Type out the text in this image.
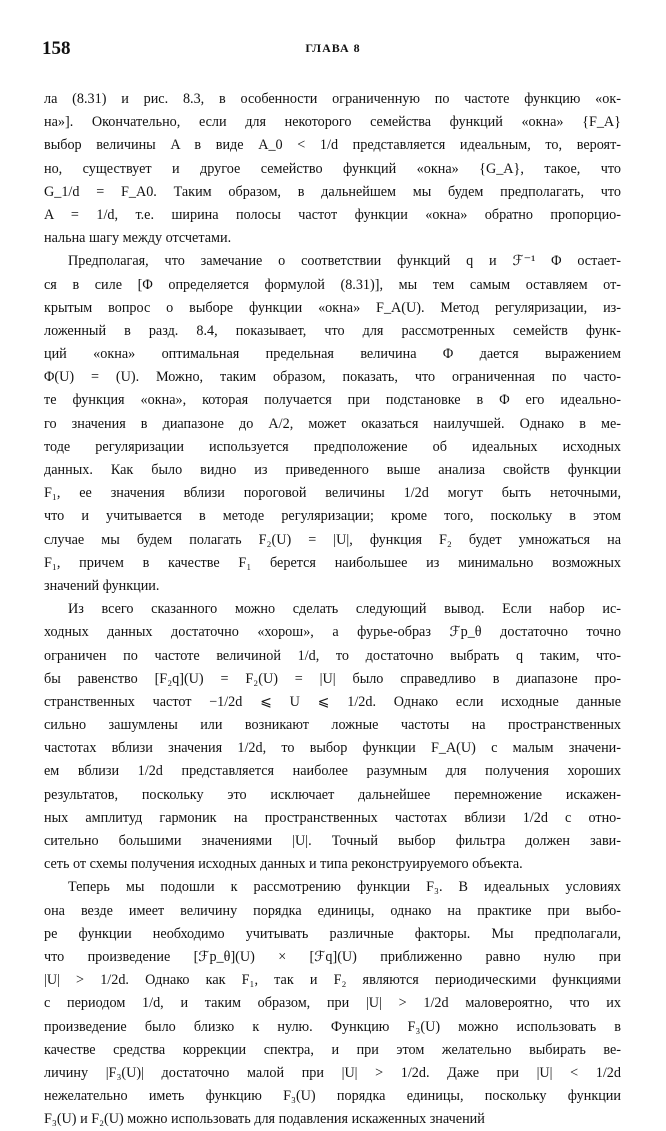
158	ГЛАВА 8
ла (8.31) и рис. 8.3, в особенности ограниченную по частоте функцию «ок-
на»]. Окончательно, если для некоторого семейства функций «окна» {F_A}
выбор величины A в виде A_0 < 1/d представляется идеальным, то, вероят-
но, существует и другое семейство функций «окна» {G_A}, такое, что
G_1/d = F_A0. Таким образом, в дальнейшем мы будем предполагать, что
A = 1/d, т.е. ширина полосы частот функции «окна» обратно пропорцио-
нальна шагу между отсчетами.
Предполагая, что замечание о соответствии функций q и ℱ⁻¹ Φ остает-
ся в силе [Φ определяется формулой (8.31)], мы тем самым оставляем от-
крытым вопрос о выборе функции «окна» F_A(U). Метод регуляризации, из-
ложенный в разд. 8.4, показывает, что для рассмотренных семейств функ-
ций «окна» оптимальная предельная величина Φ дается выражением
Φ(U) = (U). Можно, таким образом, показать, что ограниченная по часто-
те функция «окна», которая получается при подстановке в Φ его идеально-
го значения в диапазоне до A/2, может оказаться наилучшей. Однако в ме-
тоде регуляризации используется предположение об идеальных исходных
данных. Как было видно из приведенного выше анализа свойств функции
F₁, ее значения вблизи пороговой величины 1/2d могут быть неточными,
что и учитывается в методе регуляризации; кроме того, поскольку в этом
случае мы будем полагать F₂(U) = |U|, функция F₂ будет умножаться на
F₁, причем в качестве F₁ берется наибольшее из минимально возможных
значений функции.
Из всего сказанного можно сделать следующий вывод. Если набор ис-
ходных данных достаточно «хорош», а фурье-образ ℱp_θ достаточно точно
ограничен по частоте величиной 1/d, то достаточно выбрать q таким, что-
бы равенство [F₂q](U) = F₂(U) = |U| было справедливо в диапазоне про-
странственных частот −1/2d ⩽ U ⩽ 1/2d. Однако если исходные данные
сильно зашумлены или возникают ложные частоты на пространственных
частотах вблизи значения 1/2d, то выбор функции F_A(U) с малым значени-
ем вблизи 1/2d представляется наиболее разумным для получения хороших
результатов, поскольку это исключает дальнейшее перемножение искажен-
ных амплитуд гармоник на пространственных частотах вблизи 1/2d с отно-
сительно большими значениями |U|. Точный выбор фильтра должен зави-
сеть от схемы получения исходных данных и типа реконструируемого объекта.
Теперь мы подошли к рассмотрению функции F₃. В идеальных условиях
она везде имеет величину порядка единицы, однако на практике при выбо-
ре функции необходимо учитывать различные факторы. Мы предполагали,
что произведение [ℱp_θ](U) × [ℱq](U) приближенно равно нулю при
|U| > 1/2d. Однако как F₁, так и F₂ являются периодическими функциями
с периодом 1/d, и таким образом, при |U| > 1/2d маловероятно, что их
произведение было близко к нулю. Функцию F₃(U) можно использовать в
качестве средства коррекции спектра, и при этом желательно выбирать ве-
личину |F₃(U)| достаточно малой при |U| > 1/2d. Даже при |U| < 1/2d
нежелательно иметь функцию F₃(U) порядка единицы, поскольку функции
F₃(U) и F₂(U) можно использовать для подавления искаженных значений
